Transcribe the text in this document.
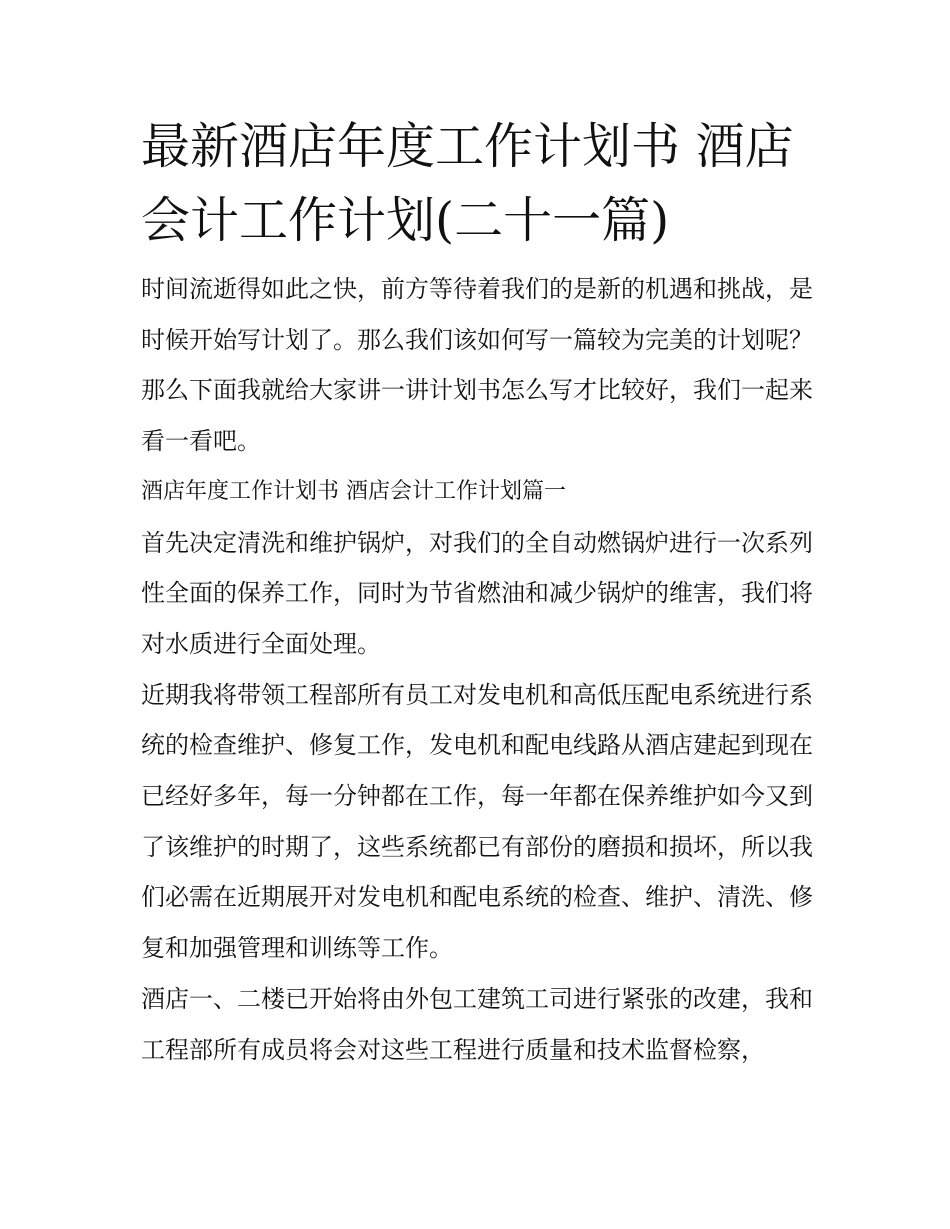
最新酒店年度工作计划书 酒店会计工作计划(二十一篇)

时间流逝得如此之快，前方等待着我们的是新的机遇和挑战，是时候开始写计划了。那么我们该如何写一篇较为完美的计划呢？那么下面我就给大家讲一讲计划书怎么写才比较好，我们一起来看一看吧。

酒店年度工作计划书 酒店会计工作计划篇一

首先决定清洗和维护锅炉，对我们的全自动燃锅炉进行一次系列性全面的保养工作，同时为节省燃油和减少锅炉的维害，我们将对水质进行全面处理。

近期我将带领工程部所有员工对发电机和高低压配电系统进行系统的检查维护、修复工作，发电机和配电线路从酒店建起到现在已经好多年，每一分钟都在工作，每一年都在保养维护如今又到了该维护的时期了，这些系统都已有部份的磨损和损坏，所以我们必需在近期展开对发电机和配电系统的检查、维护、清洗、修复和加强管理和训练等工作。

酒店一、二楼已开始将由外包工建筑工司进行紧张的改建，我和工程部所有成员将会对这些工程进行质量和技术监督检察，
